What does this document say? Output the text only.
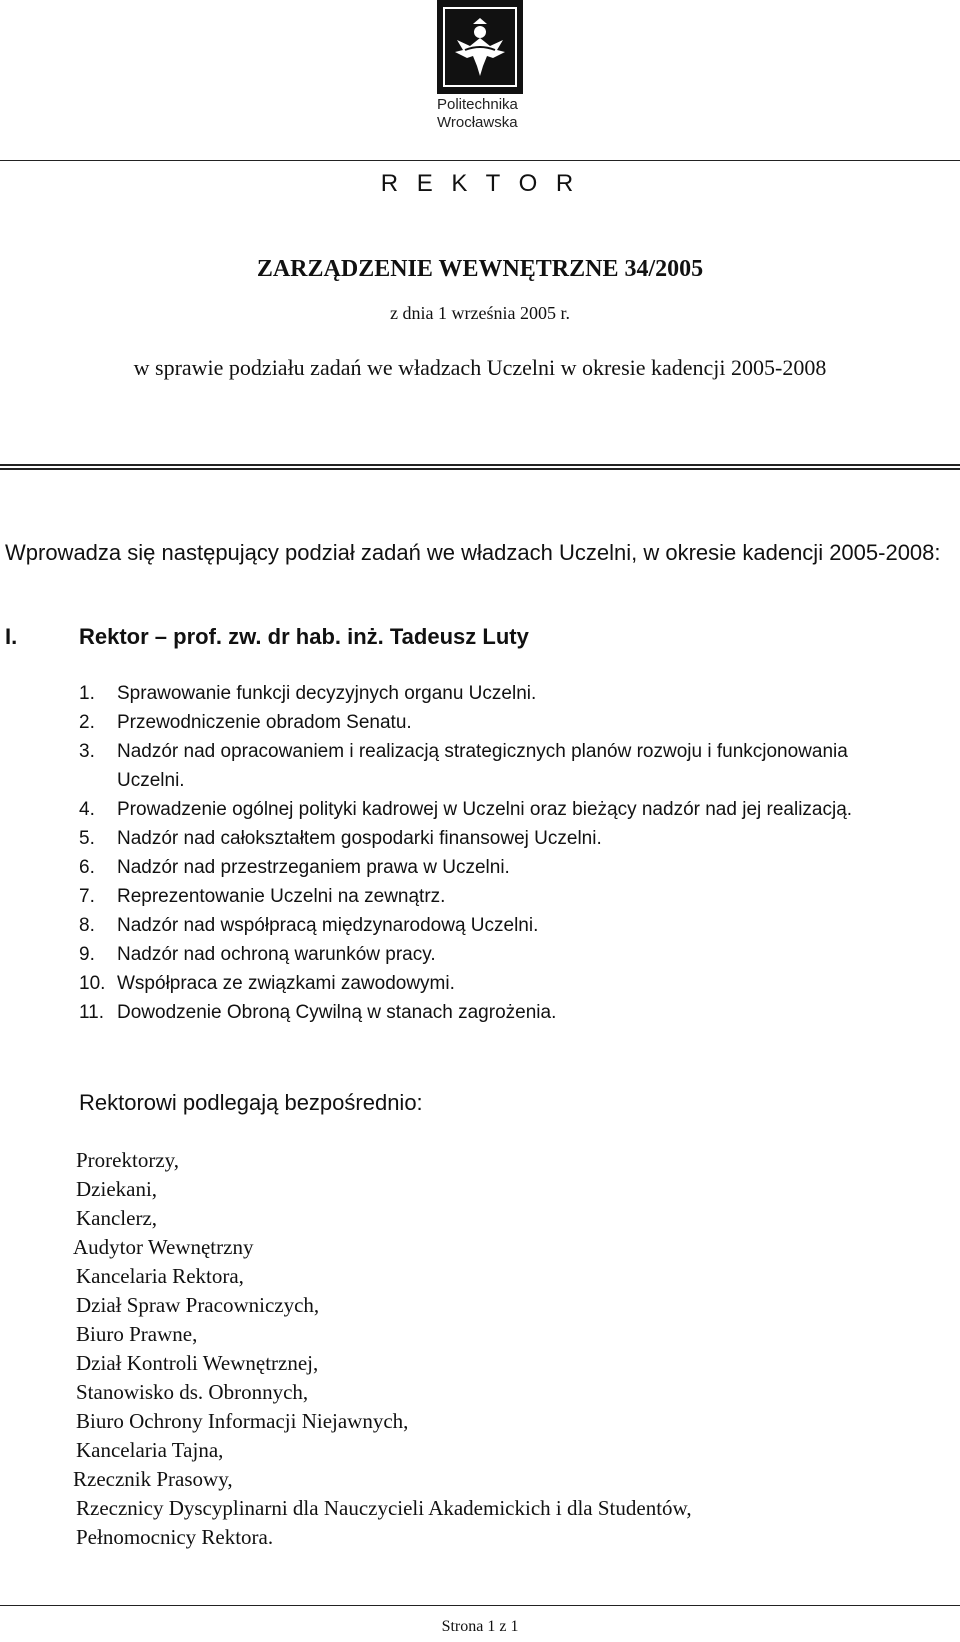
Politechnika
Wrocławska
R E K T O R
ZARZĄDZENIE WEWNĘTRZNE 34/2005
z dnia 1 września 2005 r.
w sprawie podziału zadań we władzach Uczelni w okresie kadencji 2005-2008
Wprowadza się następujący podział zadań we władzach Uczelni, w okresie kadencji 2005-2008:
I.	Rektor – prof. zw. dr hab. inż. Tadeusz Luty
1.	Sprawowanie funkcji decyzyjnych organu Uczelni.
2.	Przewodniczenie obradom Senatu.
3.	Nadzór nad opracowaniem i realizacją strategicznych planów rozwoju i funkcjonowania Uczelni.
4.	Prowadzenie ogólnej polityki kadrowej w Uczelni oraz bieżący nadzór nad jej realizacją.
5.	Nadzór nad całokształtem gospodarki finansowej Uczelni.
6.	Nadzór nad przestrzeganiem prawa w Uczelni.
7.	Reprezentowanie Uczelni na zewnątrz.
8.	Nadzór nad współpracą międzynarodową Uczelni.
9.	Nadzór nad ochroną warunków pracy.
10. Współpraca ze związkami zawodowymi.
11. Dowodzenie Obroną Cywilną w stanach zagrożenia.
Rektorowi podlegają bezpośrednio:
Prorektorzy,
Dziekani,
Kanclerz,
Audytor Wewnętrzny
Kancelaria Rektora,
Dział Spraw Pracowniczych,
Biuro Prawne,
Dział Kontroli Wewnętrznej,
Stanowisko ds. Obronnych,
Biuro Ochrony Informacji Niejawnych,
Kancelaria Tajna,
Rzecznik Prasowy,
Rzecznicy Dyscyplinarni dla Nauczycieli Akademickich i dla Studentów,
Pełnomocnicy Rektora.
Strona 1 z 1
